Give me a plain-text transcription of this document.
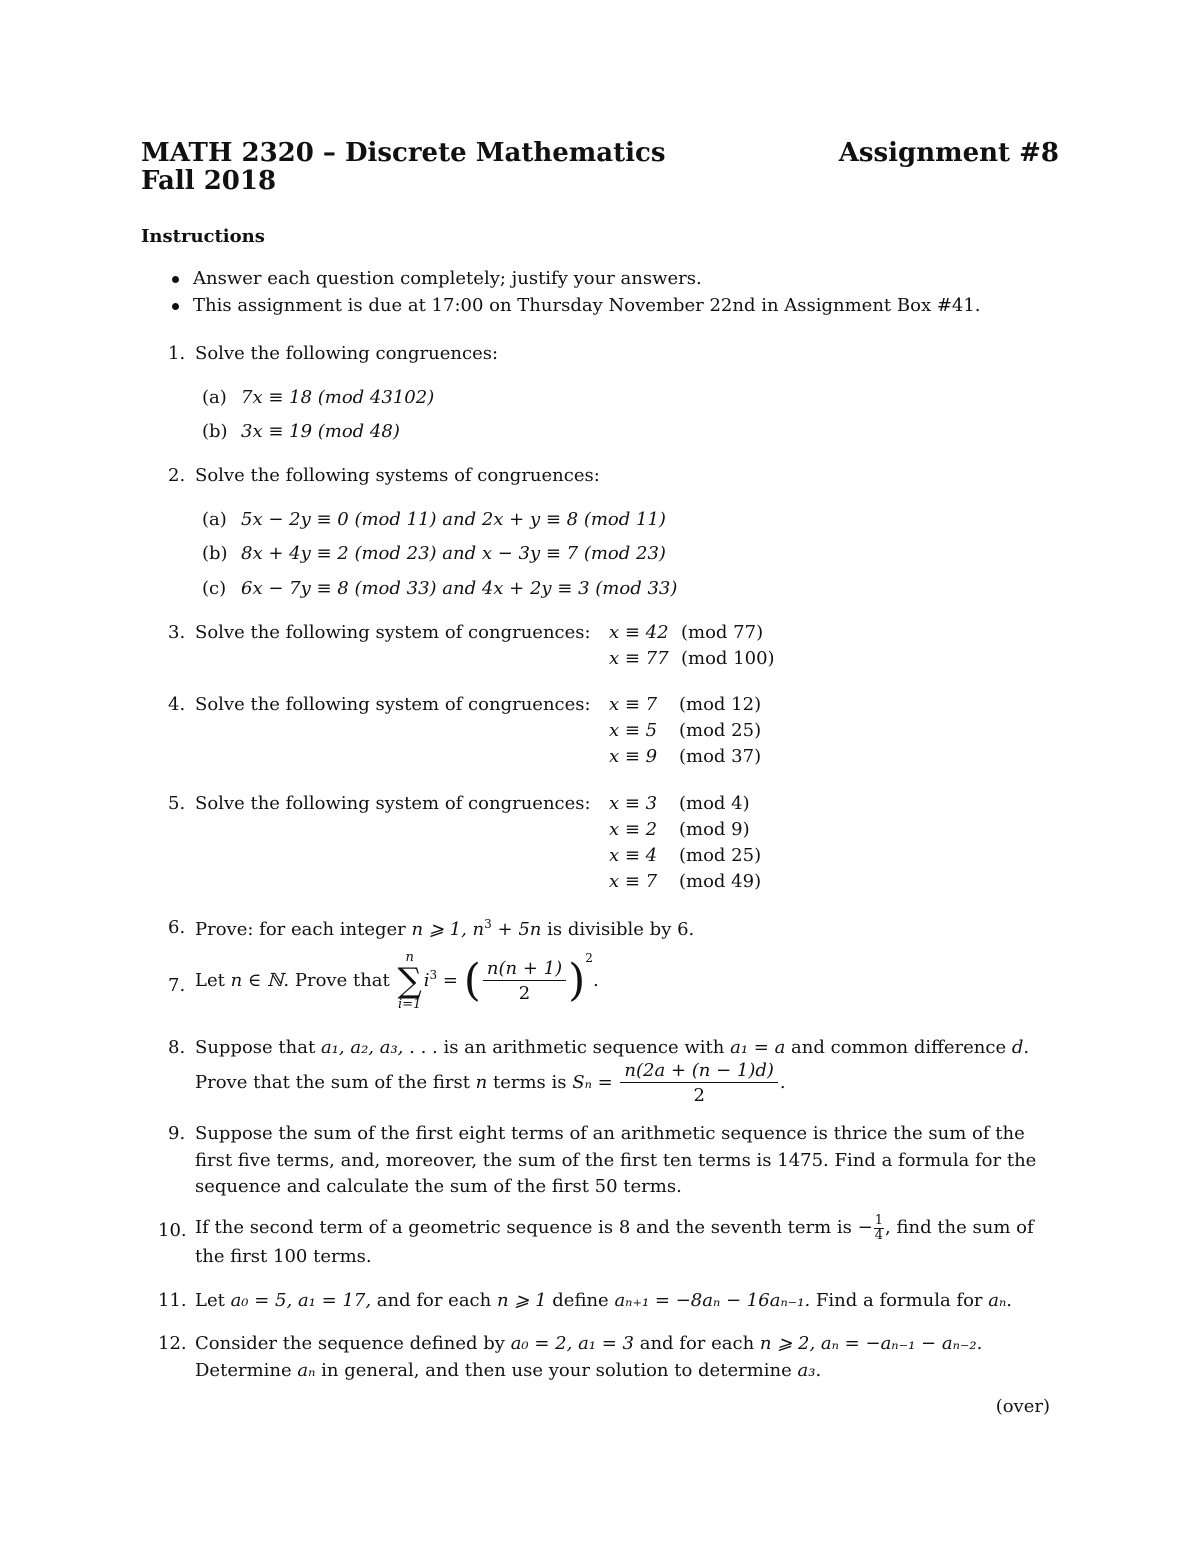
MATH 2320 – Discrete Mathematics	Assignment #8
Fall 2018
Instructions
Answer each question completely; justify your answers.
This assignment is due at 17:00 on Thursday November 22nd in Assignment Box #41.
1. Solve the following congruences:
(a) 7x ≡ 18 (mod 43102)
(b) 3x ≡ 19 (mod 48)
2. Solve the following systems of congruences:
(a) 5x − 2y ≡ 0 (mod 11) and 2x + y ≡ 8 (mod 11)
(b) 8x + 4y ≡ 2 (mod 23) and x − 3y ≡ 7 (mod 23)
(c) 6x − 7y ≡ 8 (mod 33) and 4x + 2y ≡ 3 (mod 33)
3. Solve the following system of congruences: x ≡ 42 (mod 77)
x ≡ 77 (mod 100)
4. Solve the following system of congruences: x ≡ 7 (mod 12)
x ≡ 5 (mod 25)
x ≡ 9 (mod 37)
5. Solve the following system of congruences: x ≡ 3 (mod 4)
x ≡ 2 (mod 9)
x ≡ 4 (mod 25)
x ≡ 7 (mod 49)
6. Prove: for each integer n ⩾ 1, $n^3 + 5n$ is divisible by 6.
7. Let n ∈ ℕ. Prove that
n
∑
i=1
$i^3$ = ( $\frac{n(n + 1)}{2} )^2$.
8. Suppose that a₁, a₂, a₃, . . . is an arithmetic sequence with a₁ = a and common difference d.
Prove that the sum of the first n terms is $S_n = \frac{n(2a + (n - 1)d)}{2}$ .
9. Suppose the sum of the first eight terms of an arithmetic sequence is thrice the sum of the
first five terms, and, moreover, the sum of the first ten terms is 1475. Find a formula for the
sequence and calculate the sum of the first 50 terms.
10. If the second term of a geometric sequence is 8 and the seventh term is − $\frac{1}{4}$, find the sum of
the first 100 terms.
11. Let a₀ = 5, a₁ = 17, and for each n ⩾ 1 define aₙ₊₁ = −8aₙ − 16aₙ₋₁. Find a formula for aₙ.
12. Consider the sequence defined by a₀ = 2, a₁ = 3 and for each n ⩾ 2, aₙ = −aₙ₋₁ − aₙ₋₂.
Determine aₙ in general, and then use your solution to determine a₃.
(over)
